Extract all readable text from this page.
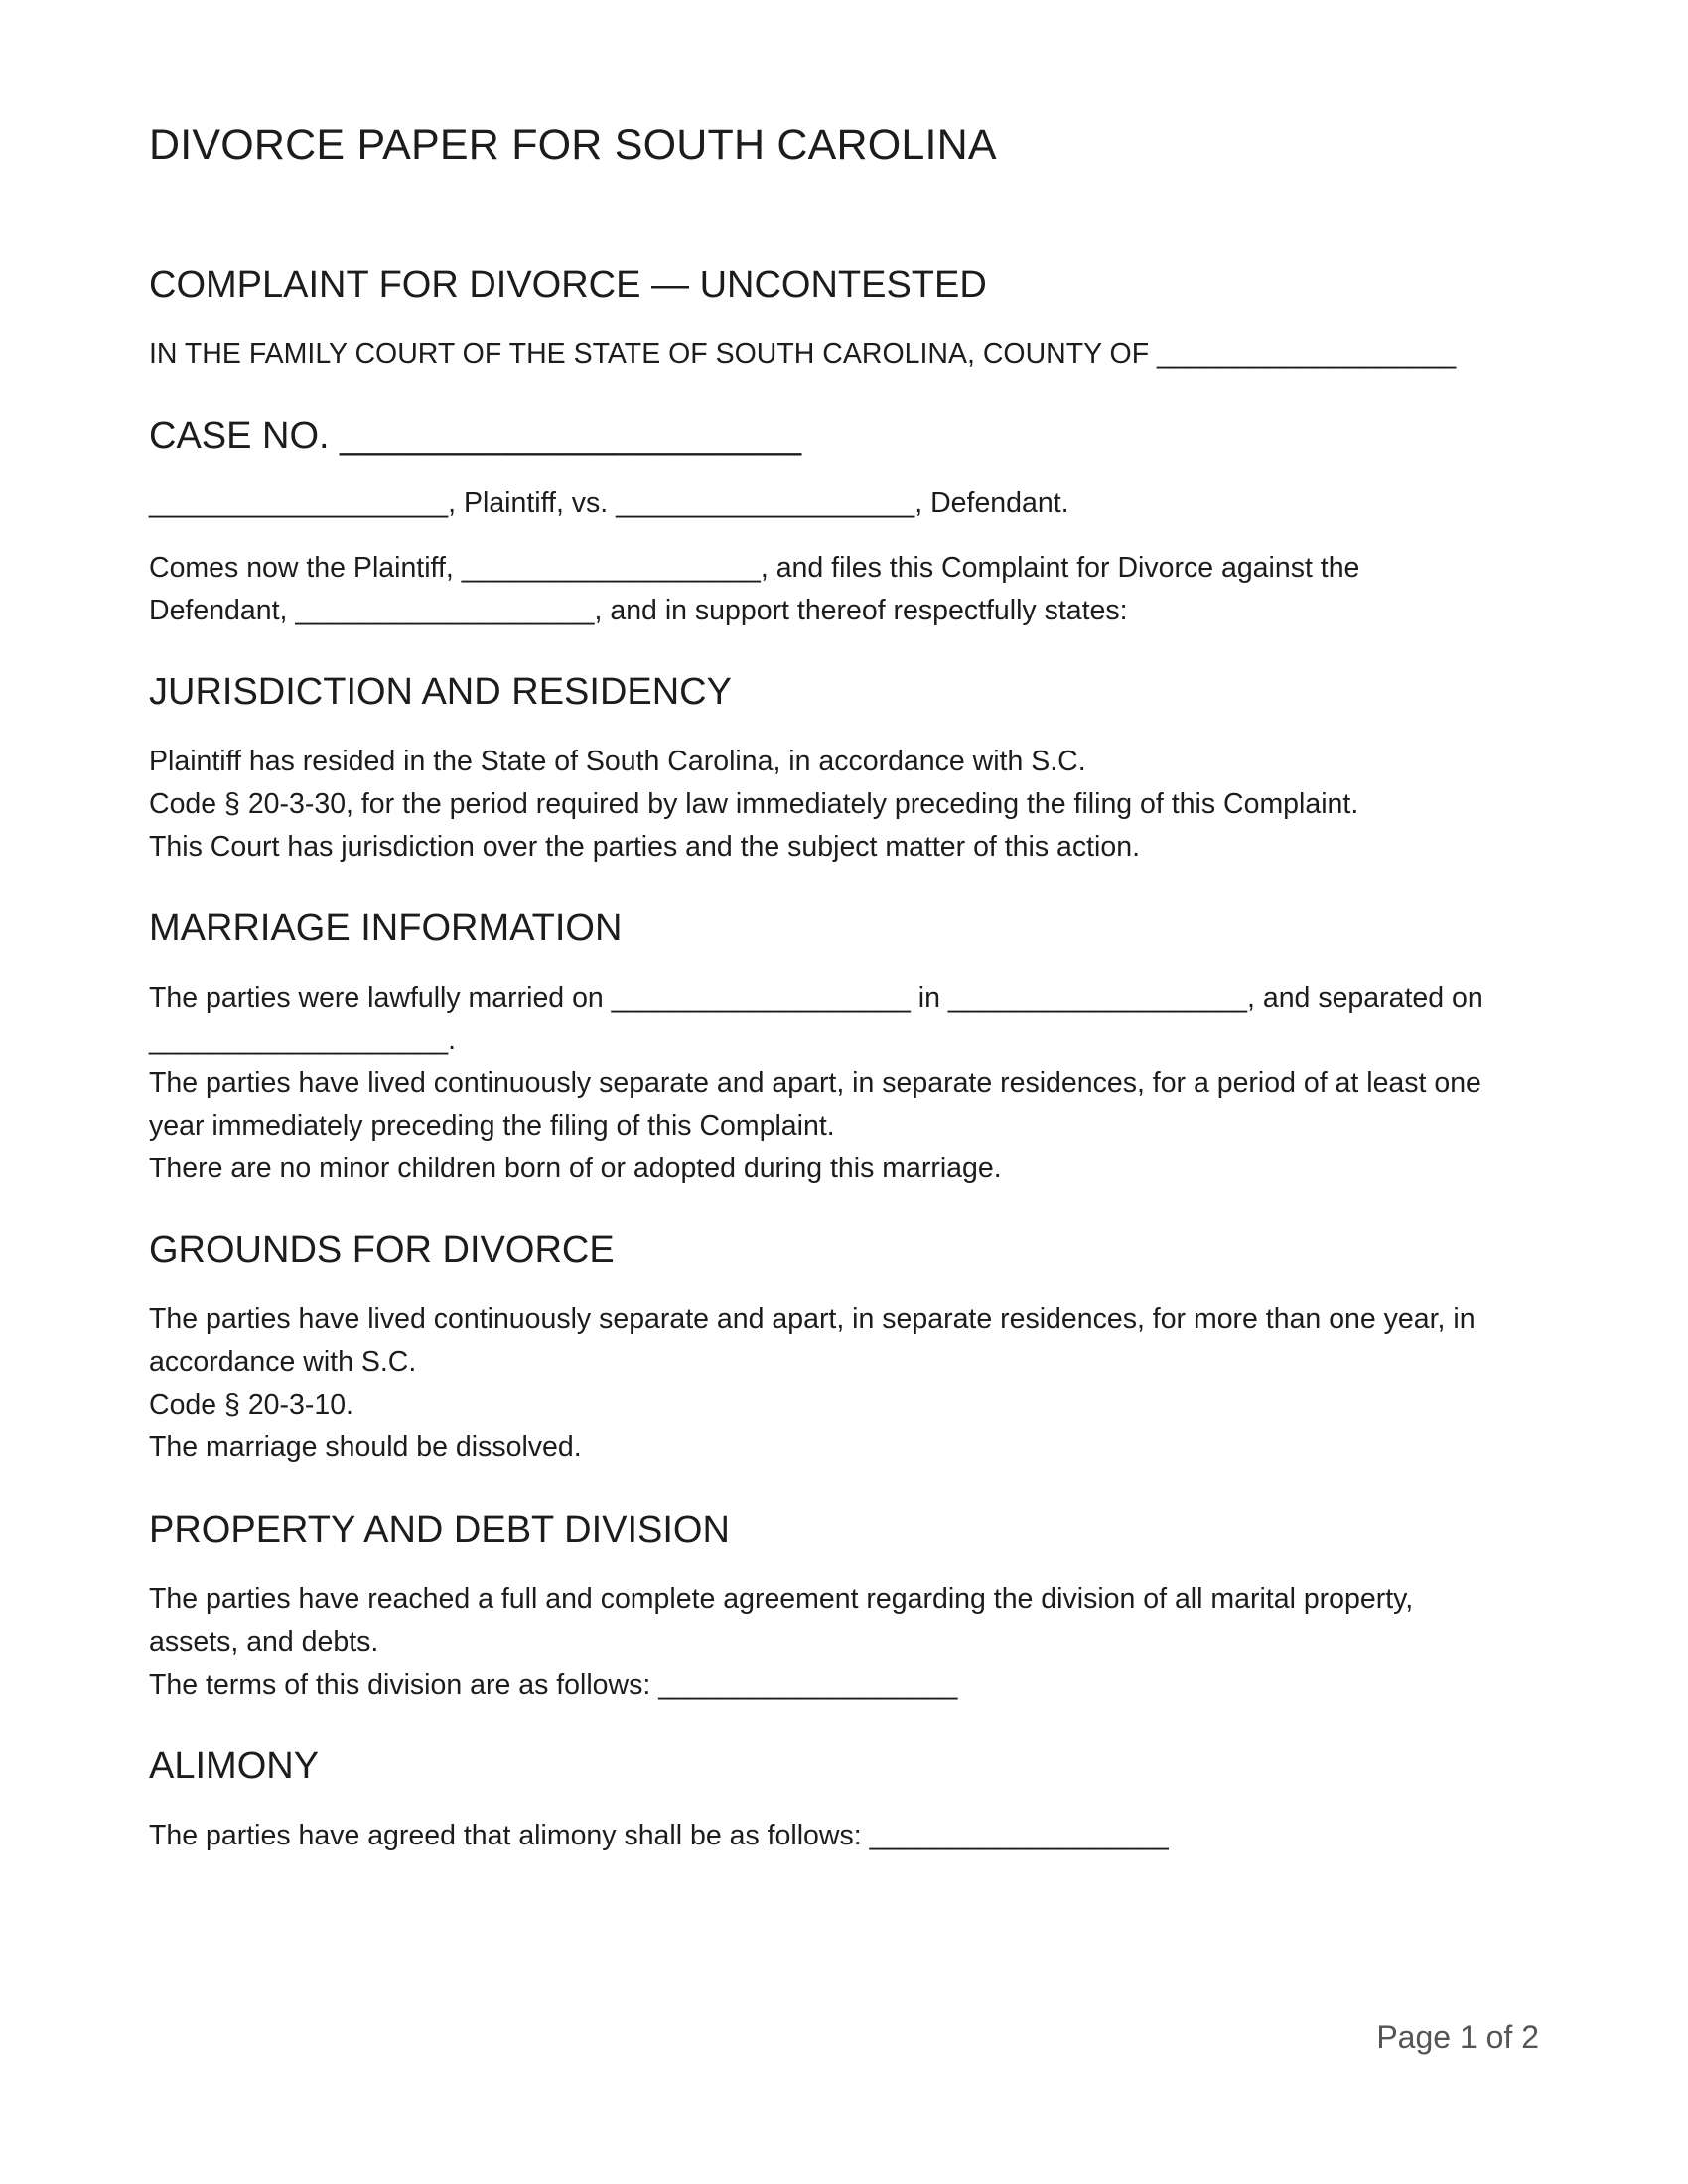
DIVORCE PAPER FOR SOUTH CAROLINA
COMPLAINT FOR DIVORCE — UNCONTESTED

IN THE FAMILY COURT OF THE STATE OF SOUTH CAROLINA, COUNTY OF ___________________

CASE NO. ______________________

___________________, Plaintiff, vs. ___________________, Defendant.

Comes now the Plaintiff, ___________________, and files this Complaint for Divorce against the

Defendant, ___________________, and in support thereof respectfully states:

JURISDICTION AND RESIDENCY

Plaintiff has resided in the State of South Carolina, in accordance with S.C.

Code § 20-3-30, for the period required by law immediately preceding the filing of this Complaint.

This Court has jurisdiction over the parties and the subject matter of this action.

MARRIAGE INFORMATION

The parties were lawfully married on ___________________ in ___________________, and separated on

___________________.

The parties have lived continuously separate and apart, in separate residences, for a period of at least one

year immediately preceding the filing of this Complaint.

There are no minor children born of or adopted during this marriage.

GROUNDS FOR DIVORCE

The parties have lived continuously separate and apart, in separate residences, for more than one year, in

accordance with S.C.

Code § 20-3-10.

The marriage should be dissolved.

PROPERTY AND DEBT DIVISION

The parties have reached a full and complete agreement regarding the division of all marital property,

assets, and debts.

The terms of this division are as follows: ___________________

ALIMONY

The parties have agreed that alimony shall be as follows: ___________________

Page 1 of 2
